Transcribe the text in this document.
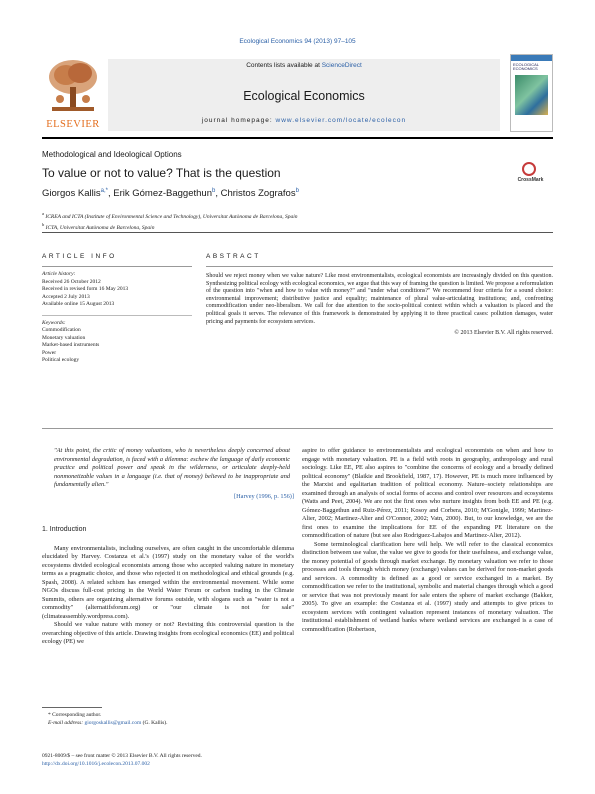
Ecological Economics 94 (2013) 97–105
ELSEVIER
Contents lists available at ScienceDirect
Ecological Economics
journal homepage: www.elsevier.com/locate/ecolecon
ECOLOGICAL ECONOMICS
Methodological and Ideological Options
To value or not to value? That is the question	CrossMark
Giorgos Kallis$^{a,*}$, Erik Gómez-Baggethun$^b$, Christos Zografos$^b$
$^a$ ICREA and ICTA (Institute of Environmental Science and Technology), Universitat Autònoma de Barcelona, Spain
$^b$ ICTA, Universitat Autònoma de Barcelona, Spain
ARTICLE INFO
Article history:
Received 26 October 2012
Received in revised form 16 May 2013
Accepted 2 July 2013
Available online 15 August 2013
Keywords:
Commodification
Monetary valuation
Market-based instruments
Power
Political ecology
ABSTRACT
Should we reject money when we value nature? Like most environmentalists, ecological economists are increasingly divided on this question. Synthesizing political ecology with ecological economics, we argue that this way of framing the question is limited. We propose a reformulation of the question into "when and how to value with money?" and "under what conditions?" We recommend four criteria for a sound choice: environmental improvement; distributive justice and equality; maintenance of plural value-articulating institutions; and, confronting commodification under neo-liberalism. We call for due attention to the socio-political context within which a valuation is placed and the political goals it serves. The relevance of this framework is demonstrated by applying it to three practical cases: pollution damages, water pricing and payments for ecosystem services.
© 2013 Elsevier B.V. All rights reserved.
"At this point, the critic of money valuations, who is nevertheless deeply concerned about environmental degradation, is faced with a dilemma: eschew the language of daily economic practice and political power and speak in the wilderness, or articulate deeply-held nonmonetizable values in a language (i.e. that of money) believed to be inappropriate and fundamentally alien."
[Harvey (1996, p. 156)]
1. Introduction
Many environmentalists, including ourselves, are often caught in the uncomfortable dilemma elucidated by Harvey. Costanza et al.'s (1997) study on the monetary value of the world's ecosystems divided ecological economists among those who accepted valuing nature in monetary terms as a pragmatic choice, and those who rejected it on methodological and ethical grounds (e.g. Spash, 2008). A related schism has emerged within the environmental movement. While some NGOs discuss full-cost pricing in the World Water Forum or carbon trading in the Climate Summits, others are organizing alternative forums outside, with slogans such as "water is not a commodity" (alternatifsforum.org) or "our climate is not for sale" (climateassembly.wordpress.com).
Should we value nature with money or not? Revisiting this controversial question is the overarching objective of this article. Drawing insights from ecological economics (EE) and political ecology (PE) we
aspire to offer guidance to environmentalists and ecological economists on when and how to engage with monetary valuation. PE is a field with roots in geography, anthropology and rural sociology. Like EE, PE also aspires to "combine the concerns of ecology and a broadly defined political economy" (Blaikie and Brookfield, 1987, 17). However, PE is much more influenced by the Marxist and egalitarian tradition of political economy. Nature–society relationships are examined through an analysis of social forms of access and control over resources and ecosystems (Watts and Peet, 2004). We are not the first ones who nurture insights from both EE and PE (e.g. Gómez-Baggethun and Ruiz-Pérez, 2011; Kosoy and Corbera, 2010; M'Gonigle, 1999; Martinez-Alier, 2002; Martinez-Alier and O'Connor, 2002; Vatn, 2000). But, to our knowledge, we are the first ones to examine the implications for EE of the expanding PE literature on the commodification of nature (but see also Rodriguez-Labajos and Martinez-Alier, 2012).
Some terminological clarification here will help. We will refer to the classical economics distinction between use value, the value we give to goods for their usefulness, and exchange value, the money potential of goods through market exchange. By monetary valuation we refer to those processes and tools through which money (exchange) values can be derived for non-market goods and services. A commodity is defined as a good or service exchanged in a market. By commodification we refer to the institutional, symbolic and material changes through which a good or service that was not previously meant for sale enters the sphere of market exchange (Bakker, 2005). To give an example: the Costanza et al. (1997) study and attempts to give prices to ecosystem services with contingent valuation represent instances of monetary valuation. The institutional establishment of wetland banks where wetland services are exchanged is a case of commodification (Robertson,
* Corresponding author.
E-mail address: giorgoskallis@gmail.com (G. Kallis).
0921-8009/$ – see front matter © 2013 Elsevier B.V. All rights reserved.
http://dx.doi.org/10.1016/j.ecolecon.2013.07.002
